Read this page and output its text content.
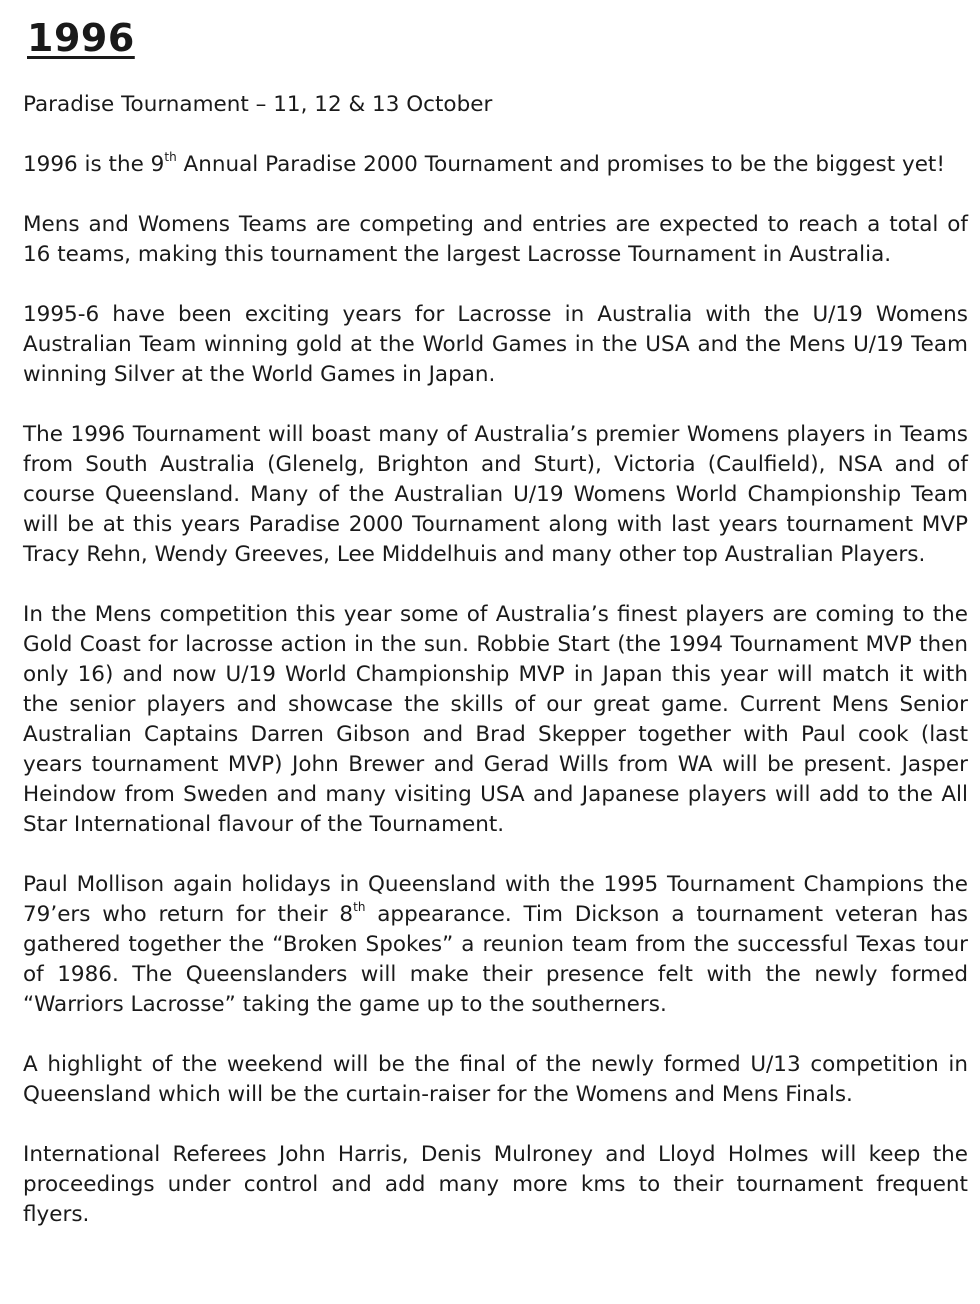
1996

Paradise Tournament – 11, 12 & 13 October

1996 is the 9th Annual Paradise 2000 Tournament and promises to be the biggest yet!

Mens and Womens Teams are competing and entries are expected to reach a total of 16 teams, making this tournament the largest Lacrosse Tournament in Australia.

1995-6 have been exciting years for Lacrosse in Australia with the U/19 Womens Australian Team winning gold at the World Games in the USA and the Mens U/19 Team winning Silver at the World Games in Japan.

The 1996 Tournament will boast many of Australia’s premier Womens players in Teams from South Australia (Glenelg, Brighton and Sturt), Victoria (Caulfield), NSA and of course Queensland. Many of the Australian U/19 Womens World Championship Team will be at this years Paradise 2000 Tournament along with last years tournament MVP Tracy Rehn, Wendy Greeves, Lee Middelhuis and many other top Australian Players.

In the Mens competition this year some of Australia’s finest players are coming to the Gold Coast for lacrosse action in the sun. Robbie Start (the 1994 Tournament MVP then only 16) and now U/19 World Championship MVP in Japan this year will match it with the senior players and showcase the skills of our great game. Current Mens Senior Australian Captains Darren Gibson and Brad Skepper together with Paul cook (last years tournament MVP) John Brewer and Gerad Wills from WA will be present. Jasper Heindow from Sweden and many visiting USA and Japanese players will add to the All Star International flavour of the Tournament.

Paul Mollison again holidays in Queensland with the 1995 Tournament Champions the 79’ers who return for their 8th appearance. Tim Dickson a tournament veteran has gathered together the “Broken Spokes” a reunion team from the successful Texas tour of 1986. The Queenslanders will make their presence felt with the newly formed “Warriors Lacrosse” taking the game up to the southerners.

A highlight of the weekend will be the final of the newly formed U/13 competition in Queensland which will be the curtain-raiser for the Womens and Mens Finals.

International Referees John Harris, Denis Mulroney and Lloyd Holmes will keep the proceedings under control and add many more kms to their tournament frequent flyers.
